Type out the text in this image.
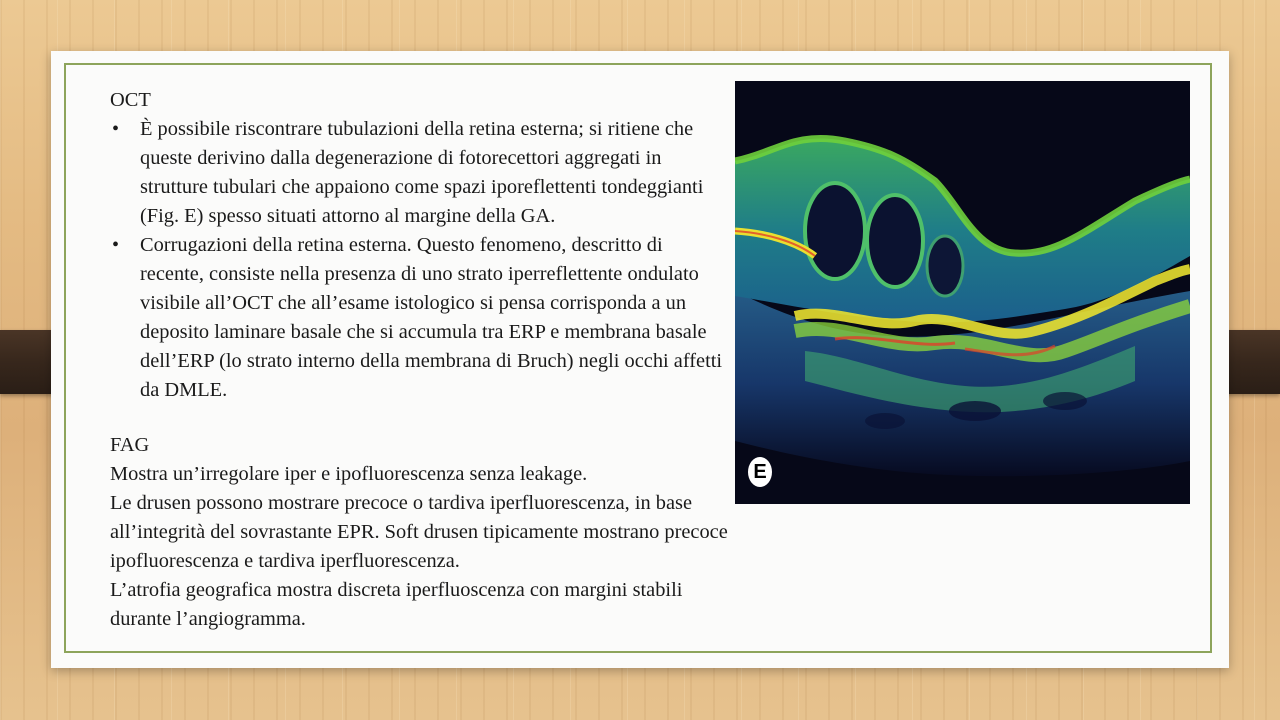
OCT

• È possibile riscontrare tubulazioni della retina esterna; si ritiene che queste derivino dalla degenerazione di fotorecettori aggregati in strutture tubulari che appaiono come spazi iporeflettenti tondeggianti (Fig. E) spesso situati attorno al margine della GA.
• Corrugazioni della retina esterna. Questo fenomeno, descritto di recente, consiste nella presenza di uno strato iperreflettente ondulato visibile all’OCT che all’esame istologico si pensa corrisponda a un deposito laminare basale che si accumula tra ERP e membrana basale dell’ERP (lo strato interno della membrana di Bruch) negli occhi affetti da DMLE.

FAG

Mostra un’irregolare iper e ipofluorescenza senza leakage.

Le drusen possono mostrare precoce o tardiva iperfluorescenza, in base all’integrità del sovrastante EPR. Soft drusen tipicamente mostrano precoce ipofluorescenza e tardiva iperfluorescenza.

L’atrofia geografica mostra discreta iperfluoscenza con margini stabili durante l’angiogramma.

E
